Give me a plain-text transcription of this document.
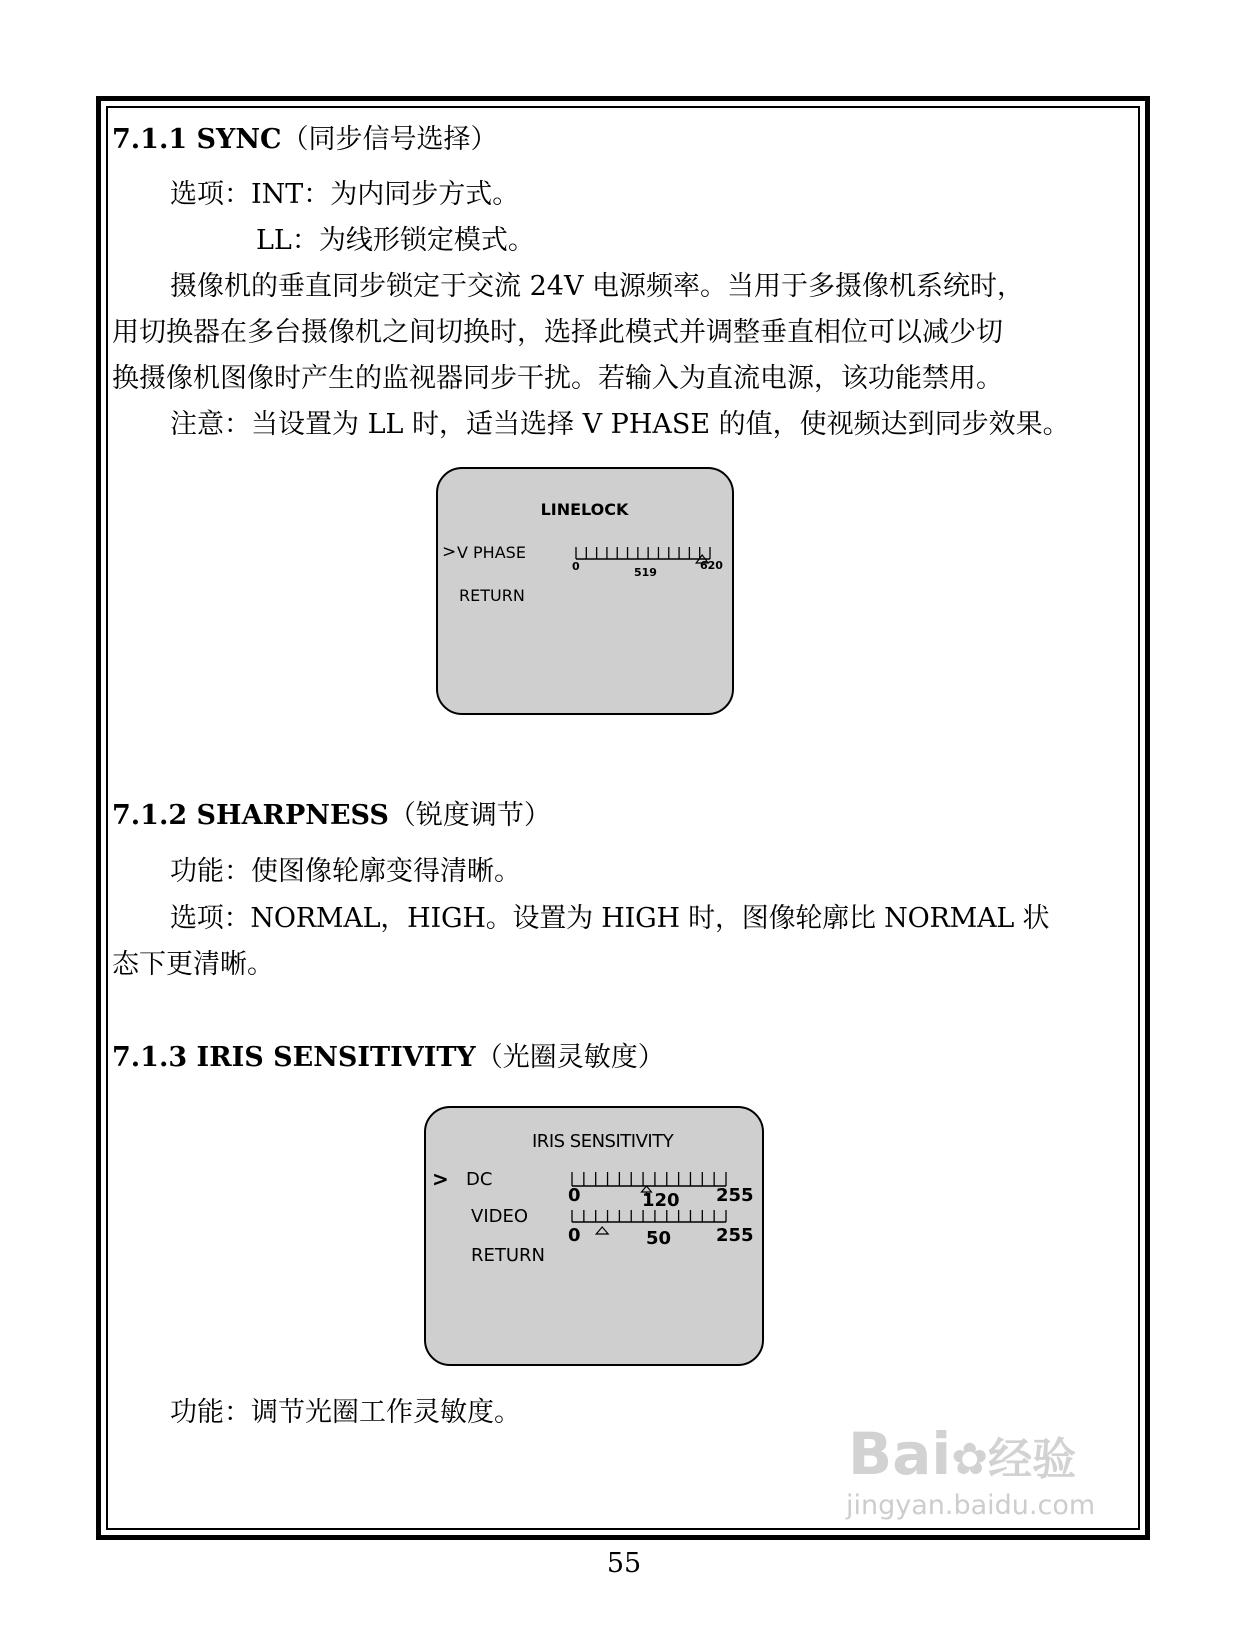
7.1.1 SYNC（同步信号选择）
选项：INT：为内同步方式。
LL：为线形锁定模式。
摄像机的垂直同步锁定于交流 24V 电源频率。当用于多摄像机系统时，
用切换器在多台摄像机之间切换时，选择此模式并调整垂直相位可以减少切
换摄像机图像时产生的监视器同步干扰。若输入为直流电源，该功能禁用。
注意：当设置为 LL 时，适当选择 V PHASE 的值，使视频达到同步效果。
LINELOCK
> V PHASE
RETURN
0	519
620
7.1.2 SHARPNESS（锐度调节）
功能：使图像轮廓变得清晰。
选项：NORMAL，HIGH。设置为 HIGH 时，图像轮廓比 NORMAL 状
态下更清晰。
7.1.3 IRIS SENSITIVITY（光圈灵敏度）
IRIS SENSITIVITY
> DC
VIDEO
RETURN
0	120 255
0	50 255
功能：调节光圈工作灵敏度。
55
Bai✿经验
jingyan.baidu.com
